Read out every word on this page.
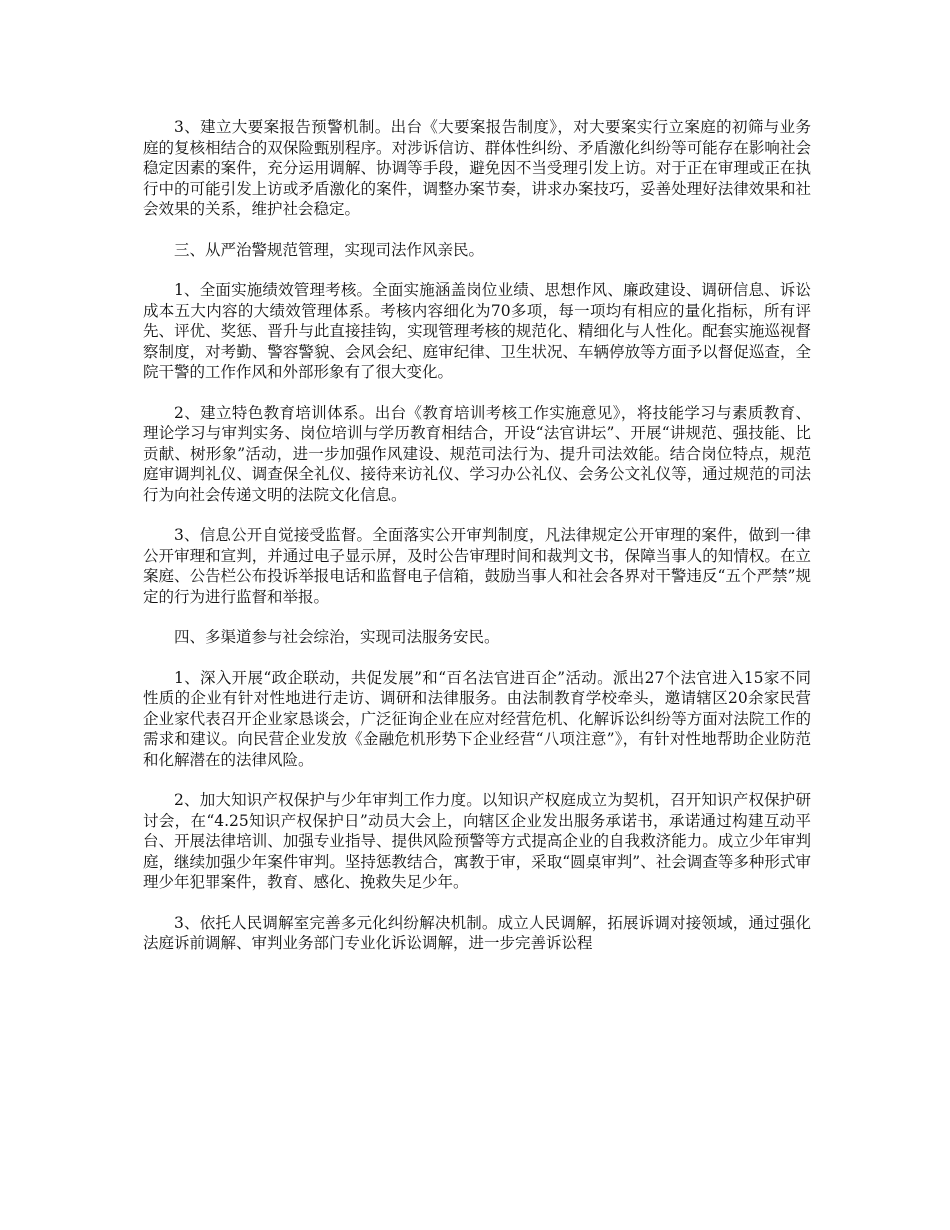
3、建立大要案报告预警机制。出台《大要案报告制度》，对大要案实行立案庭的初筛与业务庭的复核相结合的双保险甄别程序。对涉诉信访、群体性纠纷、矛盾激化纠纷等可能存在影响社会稳定因素的案件，充分运用调解、协调等手段，避免因不当受理引发上访。对于正在审理或正在执行中的可能引发上访或矛盾激化的案件，调整办案节奏，讲求办案技巧，妥善处理好法律效果和社会效果的关系，维护社会稳定。

三、从严治警规范管理，实现司法作风亲民。

1、全面实施绩效管理考核。全面实施涵盖岗位业绩、思想作风、廉政建设、调研信息、诉讼成本五大内容的大绩效管理体系。考核内容细化为70多项，每一项均有相应的量化指标，所有评先、评优、奖惩、晋升与此直接挂钩，实现管理考核的规范化、精细化与人性化。配套实施巡视督察制度，对考勤、警容警貌、会风会纪、庭审纪律、卫生状况、车辆停放等方面予以督促巡查，全院干警的工作作风和外部形象有了很大变化。

2、建立特色教育培训体系。出台《教育培训考核工作实施意见》，将技能学习与素质教育、理论学习与审判实务、岗位培训与学历教育相结合，开设“法官讲坛”、开展“讲规范、强技能、比贡献、树形象”活动，进一步加强作风建设、规范司法行为、提升司法效能。结合岗位特点，规范庭审调判礼仪、调查保全礼仪、接待来访礼仪、学习办公礼仪、会务公文礼仪等，通过规范的司法行为向社会传递文明的法院文化信息。

3、信息公开自觉接受监督。全面落实公开审判制度，凡法律规定公开审理的案件，做到一律公开审理和宣判，并通过电子显示屏，及时公告审理时间和裁判文书，保障当事人的知情权。在立案庭、公告栏公布投诉举报电话和监督电子信箱，鼓励当事人和社会各界对干警违反“五个严禁”规定的行为进行监督和举报。

四、多渠道参与社会综治，实现司法服务安民。

1、深入开展“政企联动，共促发展”和“百名法官进百企”活动。派出27个法官进入15家不同性质的企业有针对性地进行走访、调研和法律服务。由法制教育学校牵头，邀请辖区20余家民营企业家代表召开企业家恳谈会，广泛征询企业在应对经营危机、化解诉讼纠纷等方面对法院工作的需求和建议。向民营企业发放《金融危机形势下企业经营“八项注意”》，有针对性地帮助企业防范和化解潜在的法律风险。

2、加大知识产权保护与少年审判工作力度。以知识产权庭成立为契机，召开知识产权保护研讨会，在“4.25知识产权保护日”动员大会上，向辖区企业发出服务承诺书，承诺通过构建互动平台、开展法律培训、加强专业指导、提供风险预警等方式提高企业的自我救济能力。成立少年审判庭，继续加强少年案件审判。坚持惩教结合，寓教于审，采取“圆桌审判”、社会调查等多种形式审理少年犯罪案件，教育、感化、挽救失足少年。

3、依托人民调解室完善多元化纠纷解决机制。成立人民调解，拓展诉调对接领域，通过强化法庭诉前调解、审判业务部门专业化诉讼调解，进一步完善诉讼程
